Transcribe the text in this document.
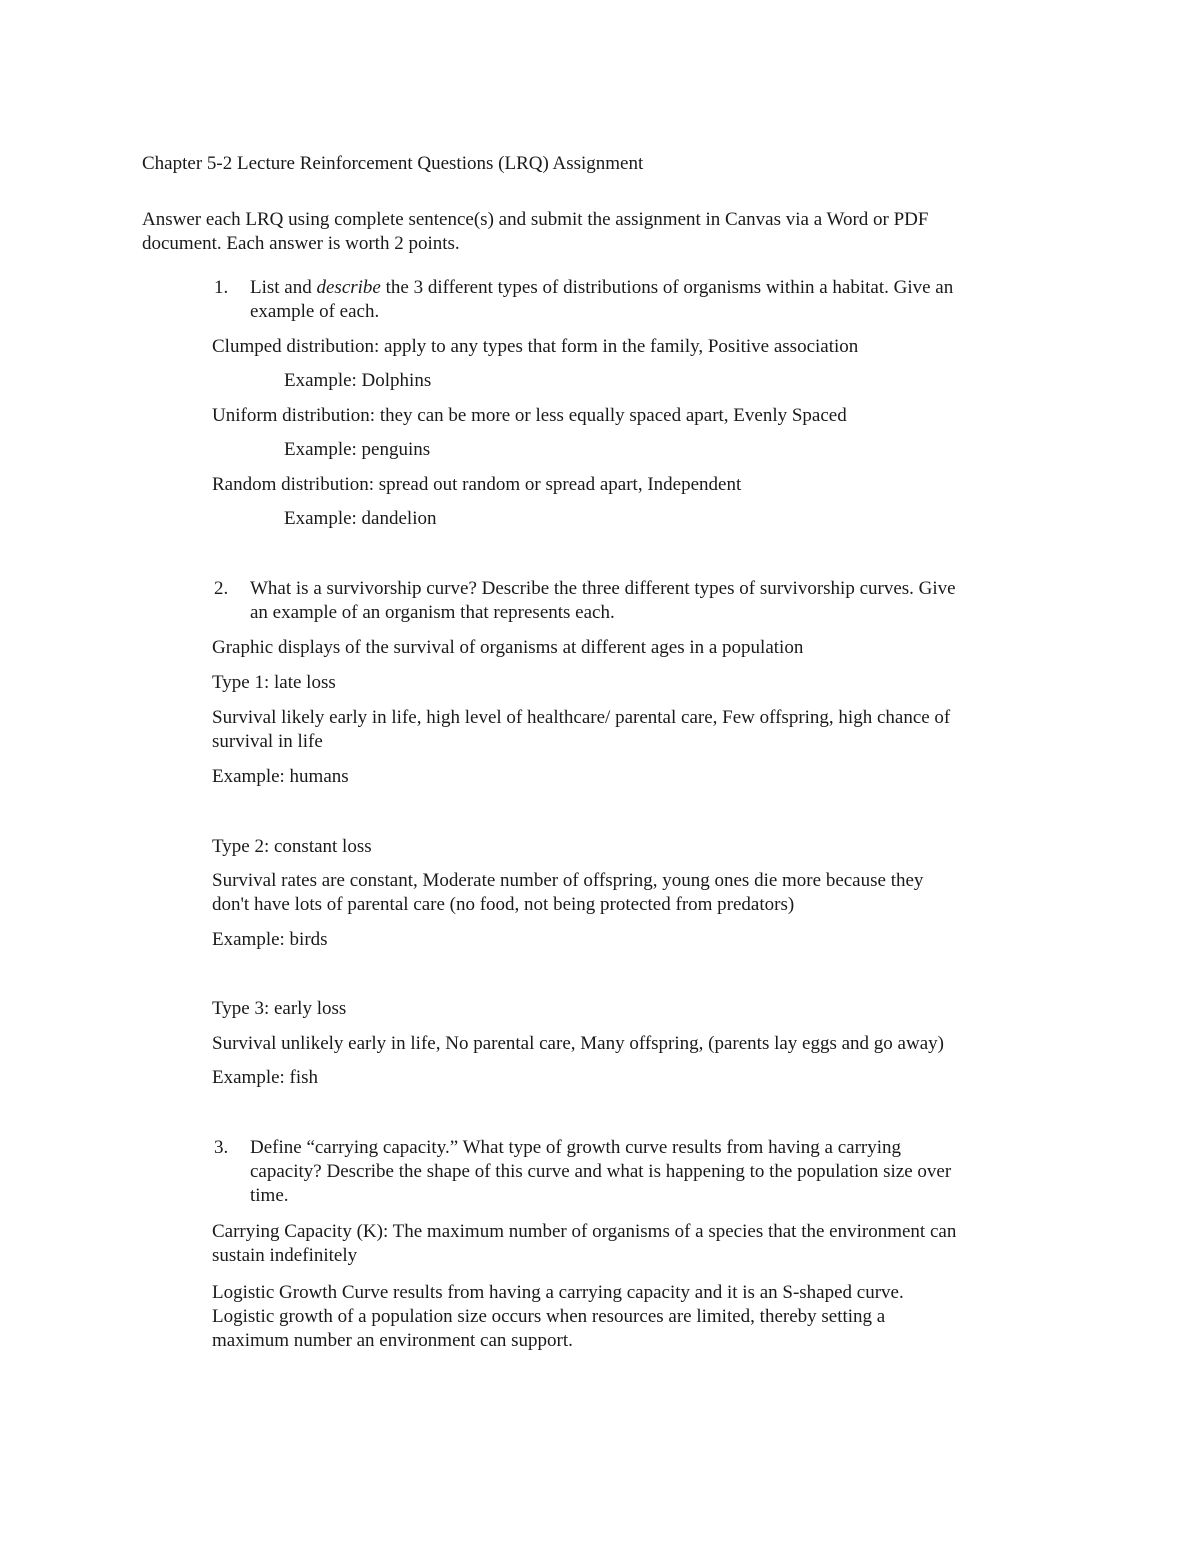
Chapter 5-2 Lecture Reinforcement Questions (LRQ) Assignment

Answer each LRQ using complete sentence(s) and submit the assignment in Canvas via a Word or PDF

document. Each answer is worth 2 points.

1. List and describe the 3 different types of distributions of organisms within a habitat. Give an

example of each.

Clumped distribution: apply to any types that form in the family, Positive association

Example: Dolphins

Uniform distribution: they can be more or less equally spaced apart, Evenly Spaced

Example: penguins

Random distribution: spread out random or spread apart, Independent

Example: dandelion

2. What is a survivorship curve? Describe the three different types of survivorship curves. Give

an example of an organism that represents each.

Graphic displays of the survival of organisms at different ages in a population

Type 1: late loss

Survival likely early in life, high level of healthcare/ parental care, Few offspring, high chance of

survival in life

Example: humans

Type 2: constant loss

Survival rates are constant, Moderate number of offspring, young ones die more because they

don't have lots of parental care (no food, not being protected from predators)

Example: birds

Type 3: early loss

Survival unlikely early in life, No parental care, Many offspring, (parents lay eggs and go away)

Example: fish

3. Define “carrying capacity.” What type of growth curve results from having a carrying

capacity? Describe the shape of this curve and what is happening to the population size over

time.

Carrying Capacity (K): The maximum number of organisms of a species that the environment can

sustain indefinitely

Logistic Growth Curve results from having a carrying capacity and it is an S-shaped curve.

Logistic growth of a population size occurs when resources are limited, thereby setting a

maximum number an environment can support.
